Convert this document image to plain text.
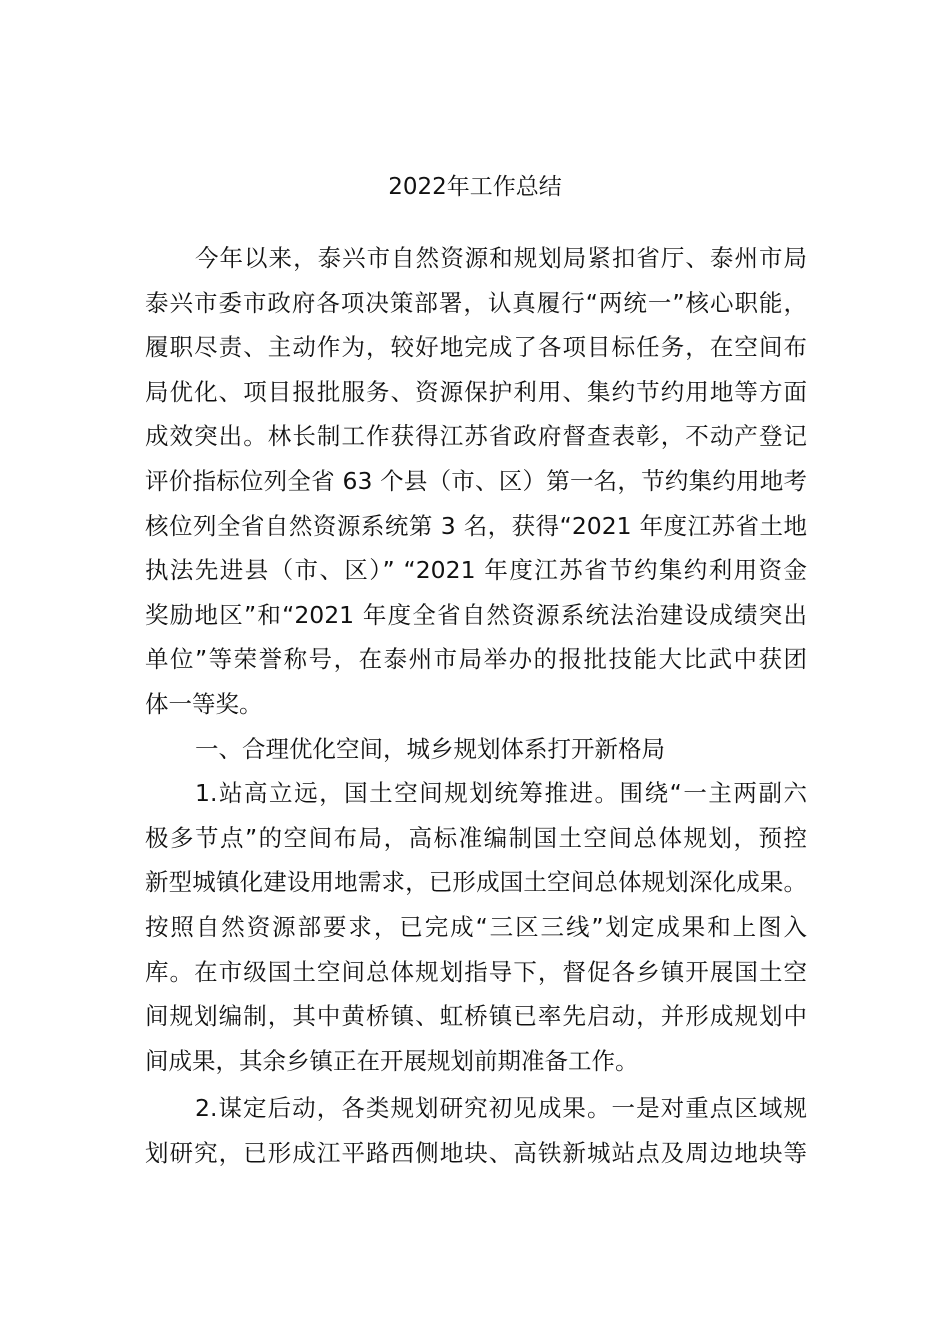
2022年工作总结
今年以来，泰兴市自然资源和规划局紧扣省厅、泰州市局
泰兴市委市政府各项决策部署，认真履行“两统一”核心职能，
履职尽责、主动作为，较好地完成了各项目标任务，在空间布
局优化、项目报批服务、资源保护利用、集约节约用地等方面
成效突出。林长制工作获得江苏省政府督查表彰，不动产登记
评价指标位列全省 63 个县（市、区）第一名，节约集约用地考
核位列全省自然资源系统第 3 名，获得“2021 年度江苏省土地
执法先进县（市、区）” “2021 年度江苏省节约集约利用资金
奖励地区”和“2021 年度全省自然资源系统法治建设成绩突出
单位”等荣誉称号，在泰州市局举办的报批技能大比武中获团
体一等奖。
一、合理优化空间，城乡规划体系打开新格局
1.站高立远，国土空间规划统筹推进。围绕“一主两副六
极多节点”的空间布局，高标准编制国土空间总体规划，预控
新型城镇化建设用地需求，已形成国土空间总体规划深化成果。
按照自然资源部要求，已完成“三区三线”划定成果和上图入
库。在市级国土空间总体规划指导下，督促各乡镇开展国土空
间规划编制，其中黄桥镇、虹桥镇已率先启动，并形成规划中
间成果，其余乡镇正在开展规划前期准备工作。
2.谋定后动，各类规划研究初见成果。一是对重点区域规
划研究，已形成江平路西侧地块、高铁新城站点及周边地块等
